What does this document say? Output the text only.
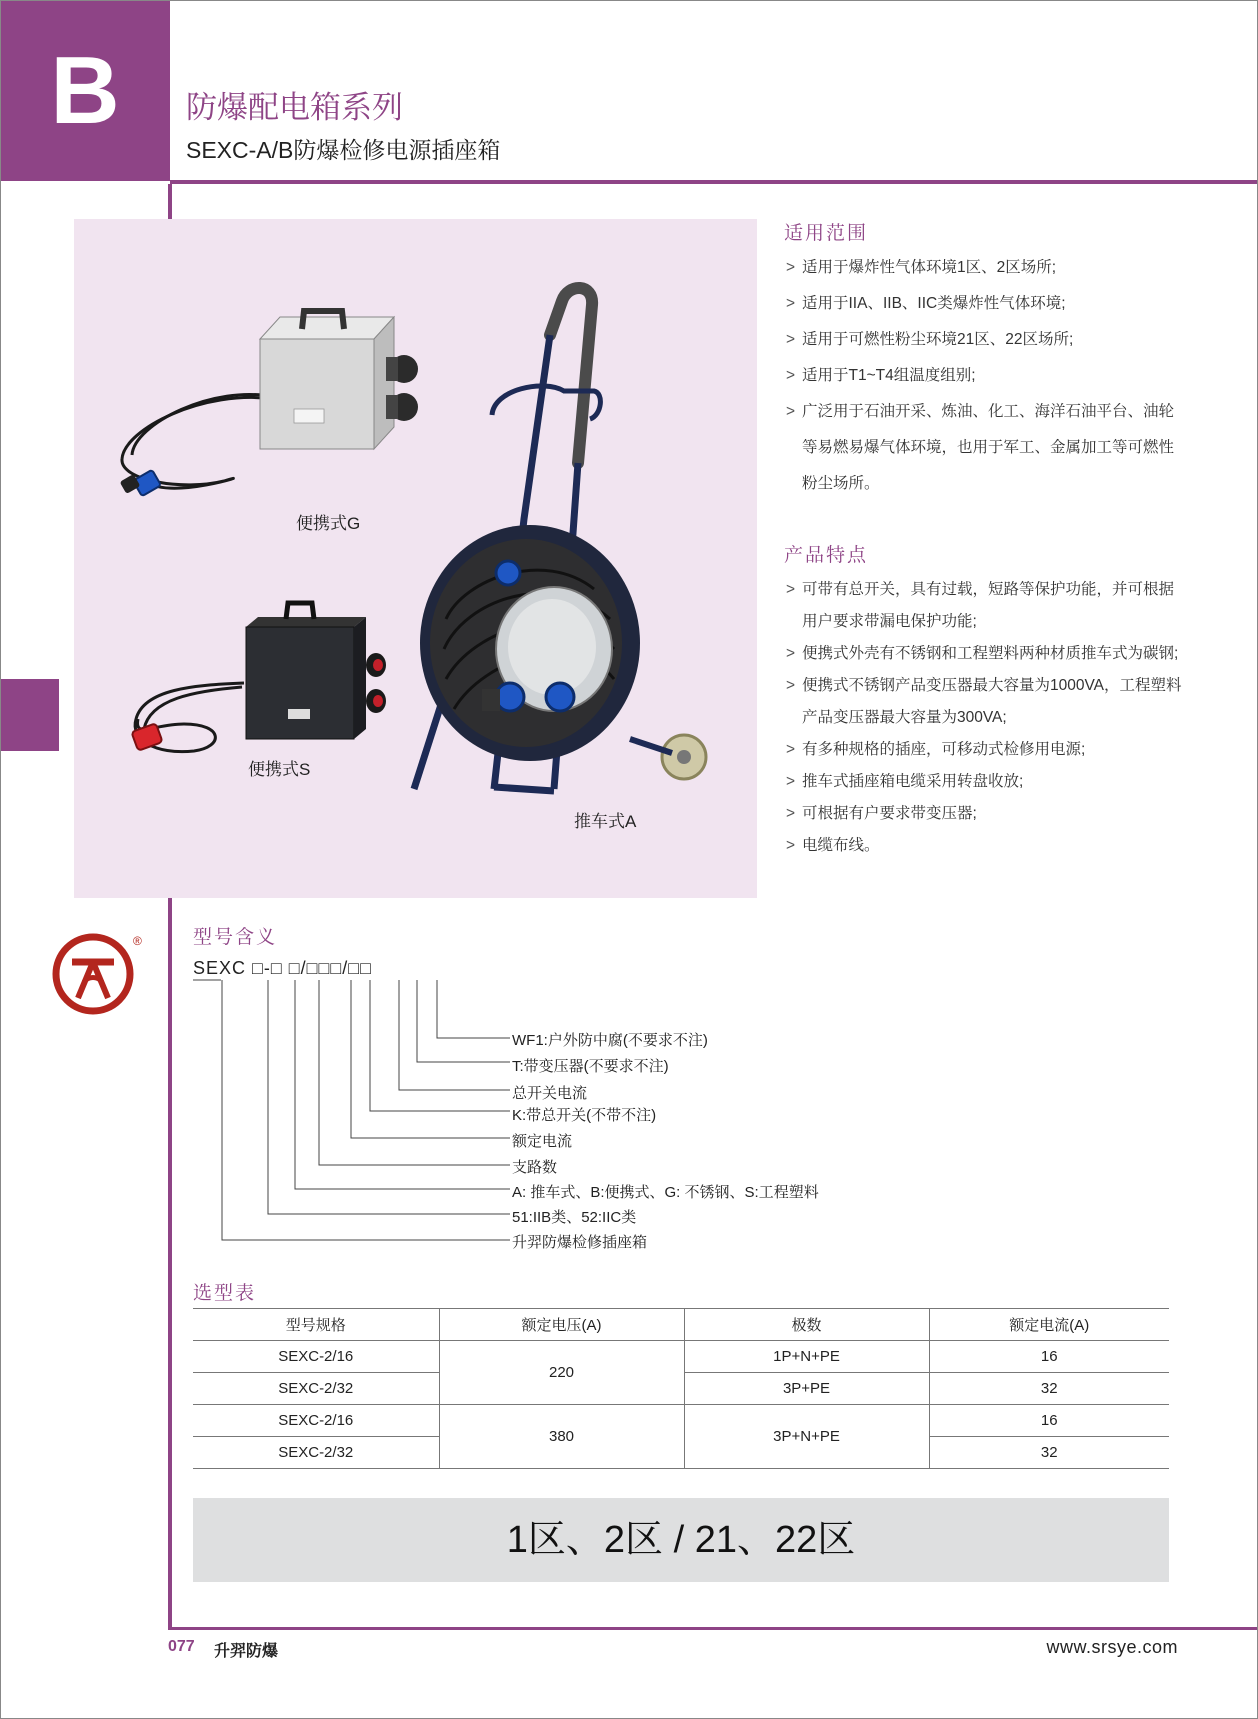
B	防爆配电箱系列
SEXC-A/B防爆检修电源插座箱
便携式G
便携式S
推车式A
适用范围
> 适用于爆炸性气体环境1区、2区场所;
> 适用于IIA、IIB、IIC类爆炸性气体环境;
> 适用于可燃性粉尘环境21区、22区场所;
> 适用于T1~T4组温度组别;
> 广泛用于石油开采、炼油、化工、海洋石油平台、油轮等易燃易爆气体环境，也用于军工、金属加工等可燃性粉尘场所。
产品特点
> 可带有总开关，具有过载，短路等保护功能，并可根据用户要求带漏电保护功能;
> 便携式外壳有不锈钢和工程塑料两种材质推车式为碳钢;
> 便携式不锈钢产品变压器最大容量为1000VA，工程塑料产品变压器最大容量为300VA;
> 有多种规格的插座，可移动式检修用电源;
> 推车式插座箱电缆采用转盘收放;
> 可根据有户要求带变压器;
> 电缆布线。
®	型号含义
SEXC □-□ □/□□□/□□
WF1:户外防中腐(不要求不注)
T:带变压器(不要求不注)
总开关电流
K:带总开关(不带不注)
额定电流
支路数
A: 推车式、B:便携式、G: 不锈钢、S:工程塑料
51:IIB类、52:IIC类
升羿防爆检修插座箱
选型表
型号规格	额定电压(A)	极数	额定电流(A)
SEXC-2/16	220	1P+N+PE	16
SEXC-2/32		3P+PE	32
SEXC-2/16	380	3P+N+PE	16
SEXC-2/32			32
1区、2区 / 21、22区
077 升羿防爆	www.srsye.com
